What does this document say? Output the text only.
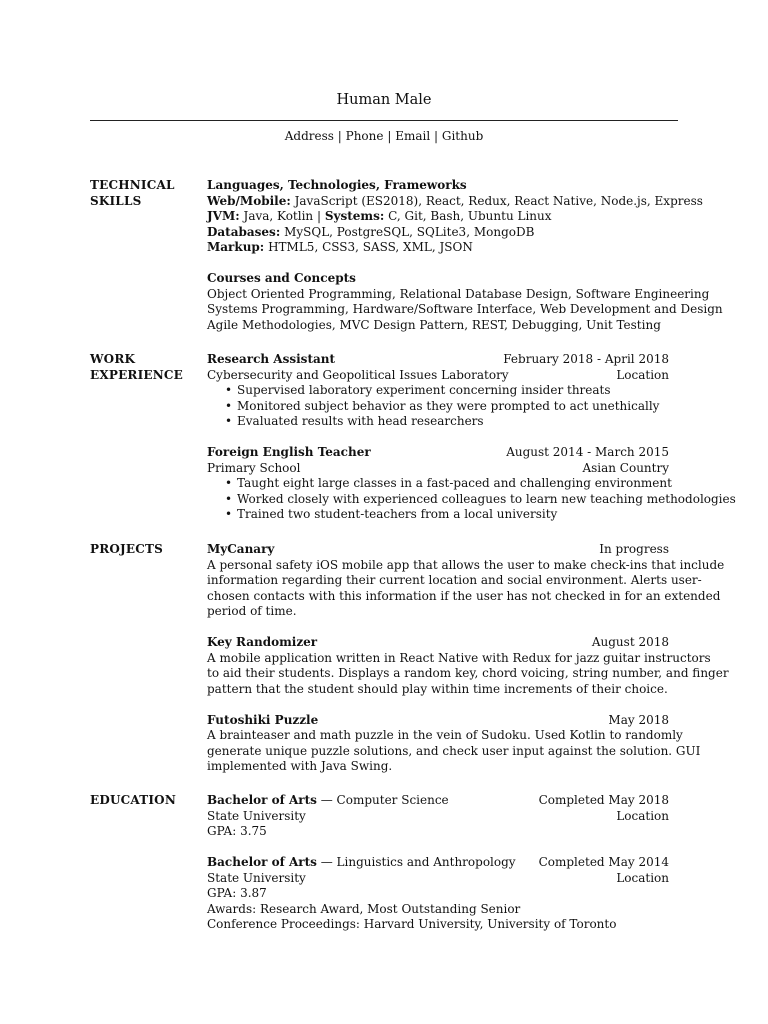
Human Male
Address | Phone | Email | Github
TECHNICAL
SKILLS
Languages, Technologies, Frameworks
Web/Mobile: JavaScript (ES2018), React, Redux, React Native, Node.js, Express
JVM: Java, Kotlin | Systems: C, Git, Bash, Ubuntu Linux
Databases: MySQL, PostgreSQL, SQLite3, MongoDB
Markup: HTML5, CSS3, SASS, XML, JSON
Courses and Concepts
Object Oriented Programming, Relational Database Design, Software Engineering
Systems Programming, Hardware/Software Interface, Web Development and Design
Agile Methodologies, MVC Design Pattern, REST, Debugging, Unit Testing
WORK
EXPERIENCE
Research Assistant	February 2018 - April 2018
Cybersecurity and Geopolitical Issues Laboratory	Location
• Supervised laboratory experiment concerning insider threats
• Monitored subject behavior as they were prompted to act unethically
• Evaluated results with head researchers
Foreign English Teacher	August 2014 - March 2015
Primary School	Asian Country
• Taught eight large classes in a fast-paced and challenging environment
• Worked closely with experienced colleagues to learn new teaching methodologies
• Trained two student-teachers from a local university
PROJECTS	MyCanary	In progress
A personal safety iOS mobile app that allows the user to make check-ins that include
information regarding their current location and social environment. Alerts user-
chosen contacts with this information if the user has not checked in for an extended
period of time.
Key Randomizer	August 2018
A mobile application written in React Native with Redux for jazz guitar instructors
to aid their students. Displays a random key, chord voicing, string number, and finger
pattern that the student should play within time increments of their choice.
Futoshiki Puzzle	May 2018
A brainteaser and math puzzle in the vein of Sudoku. Used Kotlin to randomly
generate unique puzzle solutions, and check user input against the solution. GUI
implemented with Java Swing.
EDUCATION	Bachelor of Arts — Computer Science	Completed May 2018
State University	Location
GPA: 3.75
Bachelor of Arts — Linguistics and Anthropology Completed May 2014
State University	Location
GPA: 3.87
Awards: Research Award, Most Outstanding Senior
Conference Proceedings: Harvard University, University of Toronto
